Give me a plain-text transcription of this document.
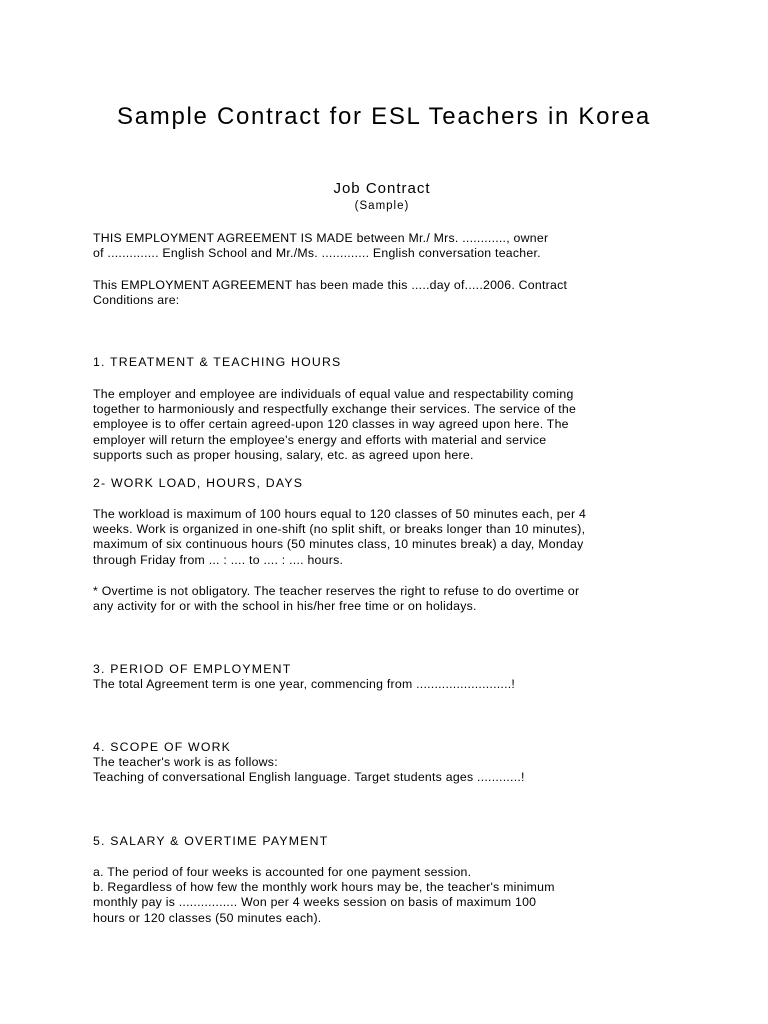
Sample Contract for ESL Teachers in Korea
Job Contract
(Sample)

THIS EMPLOYMENT AGREEMENT IS MADE between Mr./ Mrs. ............, owner
of .............. English School and Mr./Ms. ............. English conversation teacher.

This EMPLOYMENT AGREEMENT has been made this .....day of.....2006. Contract
Conditions are:

1. TREATMENT & TEACHING HOURS

The employer and employee are individuals of equal value and respectability coming
together to harmoniously and respectfully exchange their services. The service of the
employee is to offer certain agreed-upon 120 classes in way agreed upon here. The
employer will return the employee's energy and efforts with material and service
supports such as proper housing, salary, etc. as agreed upon here.

2- WORK LOAD, HOURS, DAYS

The workload is maximum of 100 hours equal to 120 classes of 50 minutes each, per 4
weeks. Work is organized in one-shift (no split shift, or breaks longer than 10 minutes),
maximum of six continuous hours (50 minutes class, 10 minutes break) a day, Monday
through Friday from ... : .... to .... : .... hours.

* Overtime is not obligatory. The teacher reserves the right to refuse to do overtime or
any activity for or with the school in his/her free time or on holidays.

3. PERIOD OF EMPLOYMENT

The total Agreement term is one year, commencing from ..........................!

4. SCOPE OF WORK

The teacher's work is as follows:
Teaching of conversational English language. Target students ages ............!

5. SALARY & OVERTIME PAYMENT

a. The period of four weeks is accounted for one payment session.
b. Regardless of how few the monthly work hours may be, the teacher's minimum
monthly pay is ................ Won per 4 weeks session on basis of maximum 100
hours or 120 classes (50 minutes each).
